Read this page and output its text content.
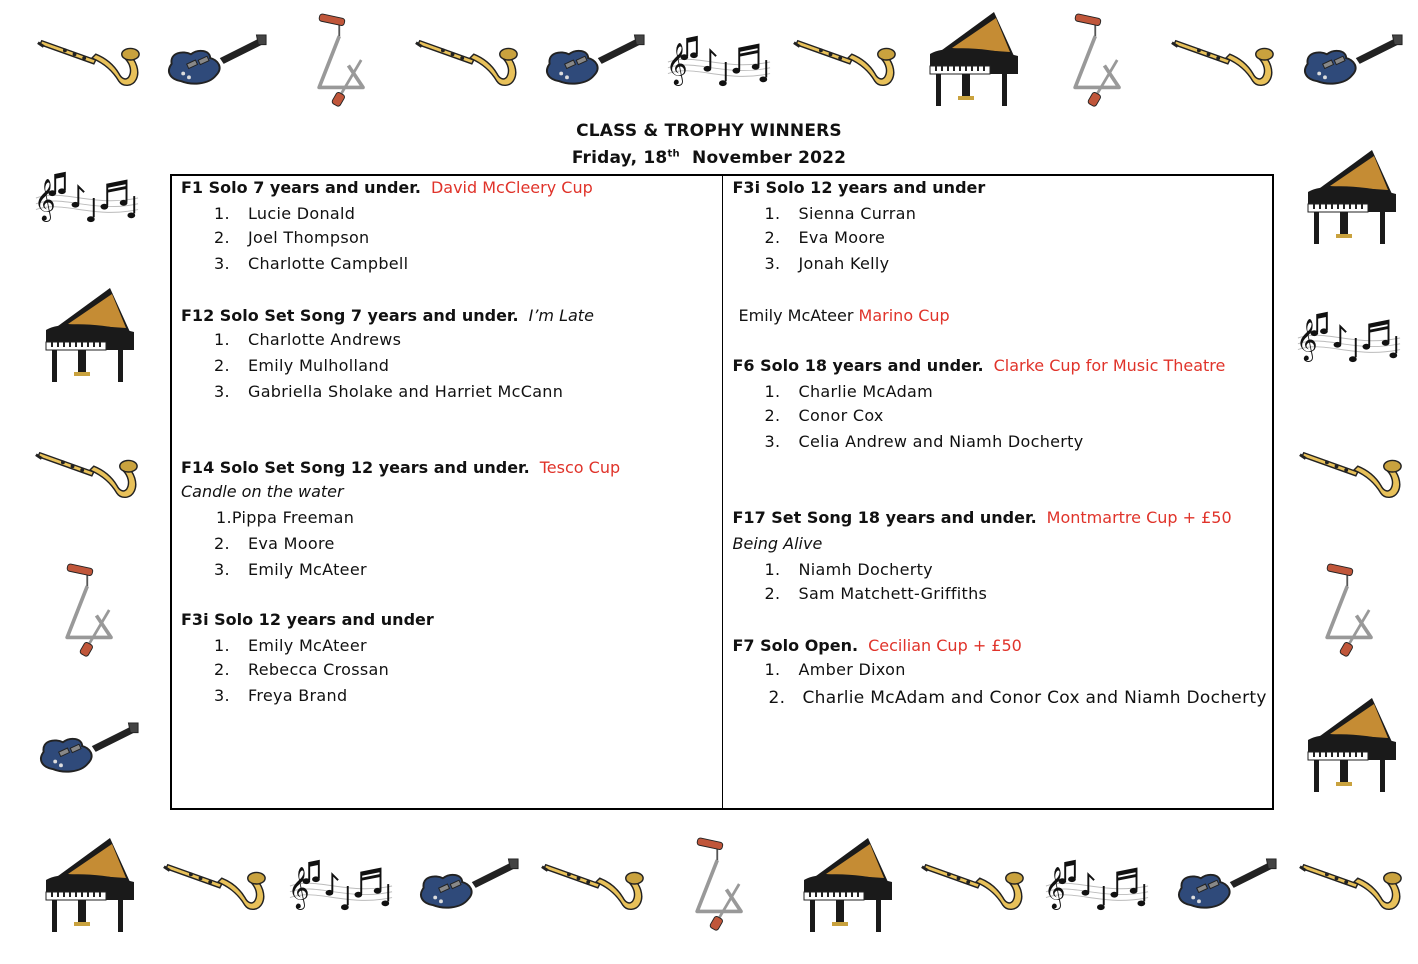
CLASS & TROPHY WINNERS
Friday, 18th November 2022
F1 Solo 7 years and under. David McCleery Cup
1. Lucie Donald
2. Joel Thompson
3. Charlotte Campbell
F12 Solo Set Song 7 years and under. I’m Late
1. Charlotte Andrews
2. Emily Mulholland
3. Gabriella Sholake and Harriet McCann
F14 Solo Set Song 12 years and under. Tesco Cup
Candle on the water
1.Pippa Freeman
2. Eva Moore
3. Emily McAteer
F3i Solo 12 years and under
1. Emily McAteer
2. Rebecca Crossan
3. Freya Brand
F3i Solo 12 years and under
1. Sienna Curran
2. Eva Moore
3. Jonah Kelly
Emily McAteer Marino Cup
F6 Solo 18 years and under. Clarke Cup for Music Theatre
1. Charlie McAdam
2. Conor Cox
3. Celia Andrew and Niamh Docherty
F17 Set Song 18 years and under. Montmartre Cup + £50
Being Alive
1. Niamh Docherty
2. Sam Matchett-Griffiths
F7 Solo Open. Cecilian Cup + £50
1. Amber Dixon
2. Charlie McAdam and Conor Cox and Niamh Docherty
